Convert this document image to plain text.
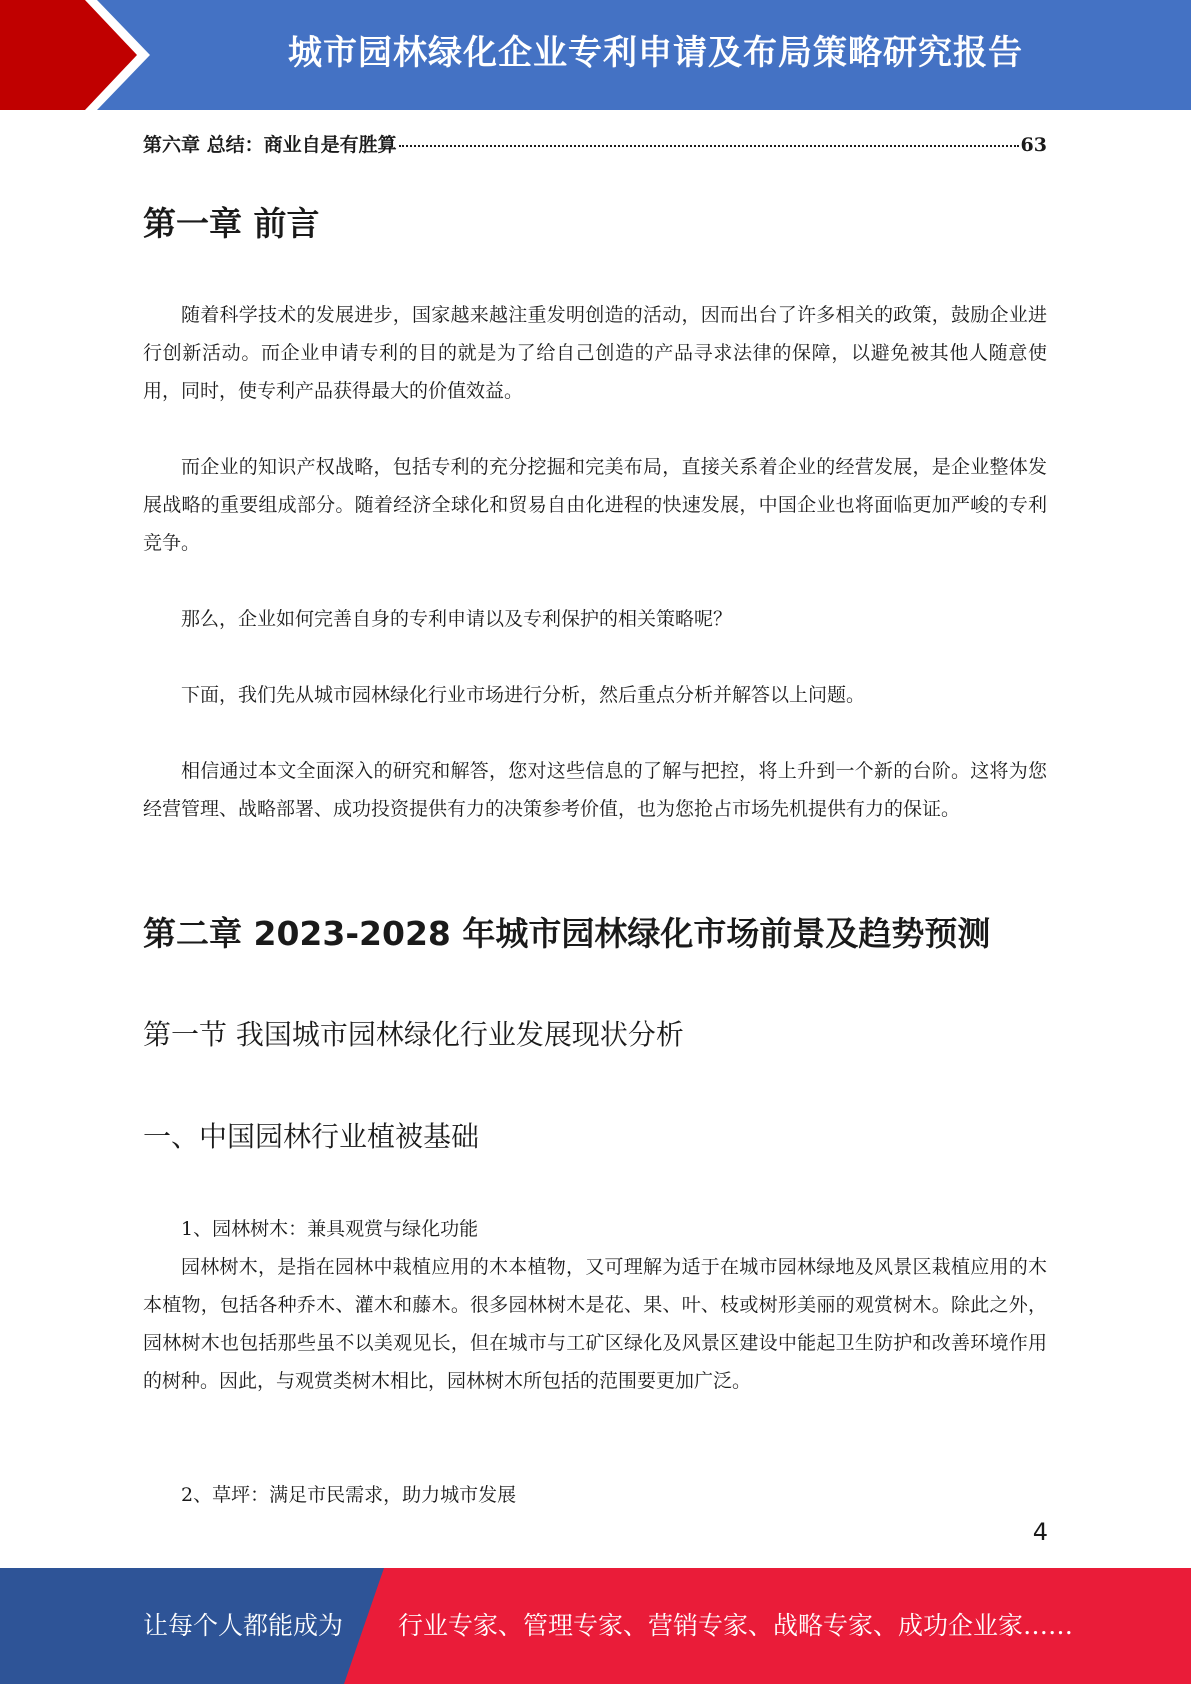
城市园林绿化企业专利申请及布局策略研究报告
第六章 总结：商业自是有胜算	63
第一章 前言

随着科学技术的发展进步，国家越来越注重发明创造的活动，因而出台了许多相关的政策，鼓励企业进行创新活动。而企业申请专利的目的就是为了给自己创造的产品寻求法律的保障，以避免被其他人随意使用，同时，使专利产品获得最大的价值效益。

而企业的知识产权战略，包括专利的充分挖掘和完美布局，直接关系着企业的经营发展，是企业整体发展战略的重要组成部分。随着经济全球化和贸易自由化进程的快速发展，中国企业也将面临更加严峻的专利竞争。

那么，企业如何完善自身的专利申请以及专利保护的相关策略呢？

下面，我们先从城市园林绿化行业市场进行分析，然后重点分析并解答以上问题。

相信通过本文全面深入的研究和解答，您对这些信息的了解与把控，将上升到一个新的台阶。这将为您经营管理、战略部署、成功投资提供有力的决策参考价值，也为您抢占市场先机提供有力的保证。

第二章 2023-2028 年城市园林绿化市场前景及趋势预测
第一节 我国城市园林绿化行业发展现状分析
一、中国园林行业植被基础

1、园林树木：兼具观赏与绿化功能

园林树木，是指在园林中栽植应用的木本植物，又可理解为适于在城市园林绿地及风景区栽植应用的木本植物，包括各种乔木、灌木和藤木。很多园林树木是花、果、叶、枝或树形美丽的观赏树木。除此之外，园林树木也包括那些虽不以美观见长，但在城市与工矿区绿化及风景区建设中能起卫生防护和改善环境作用的树种。因此，与观赏类树木相比，园林树木所包括的范围要更加广泛。

2、草坪：满足市民需求，助力城市发展

4
让每个人都能成为 行业专家、管理专家、营销专家、战略专家、成功企业家……
